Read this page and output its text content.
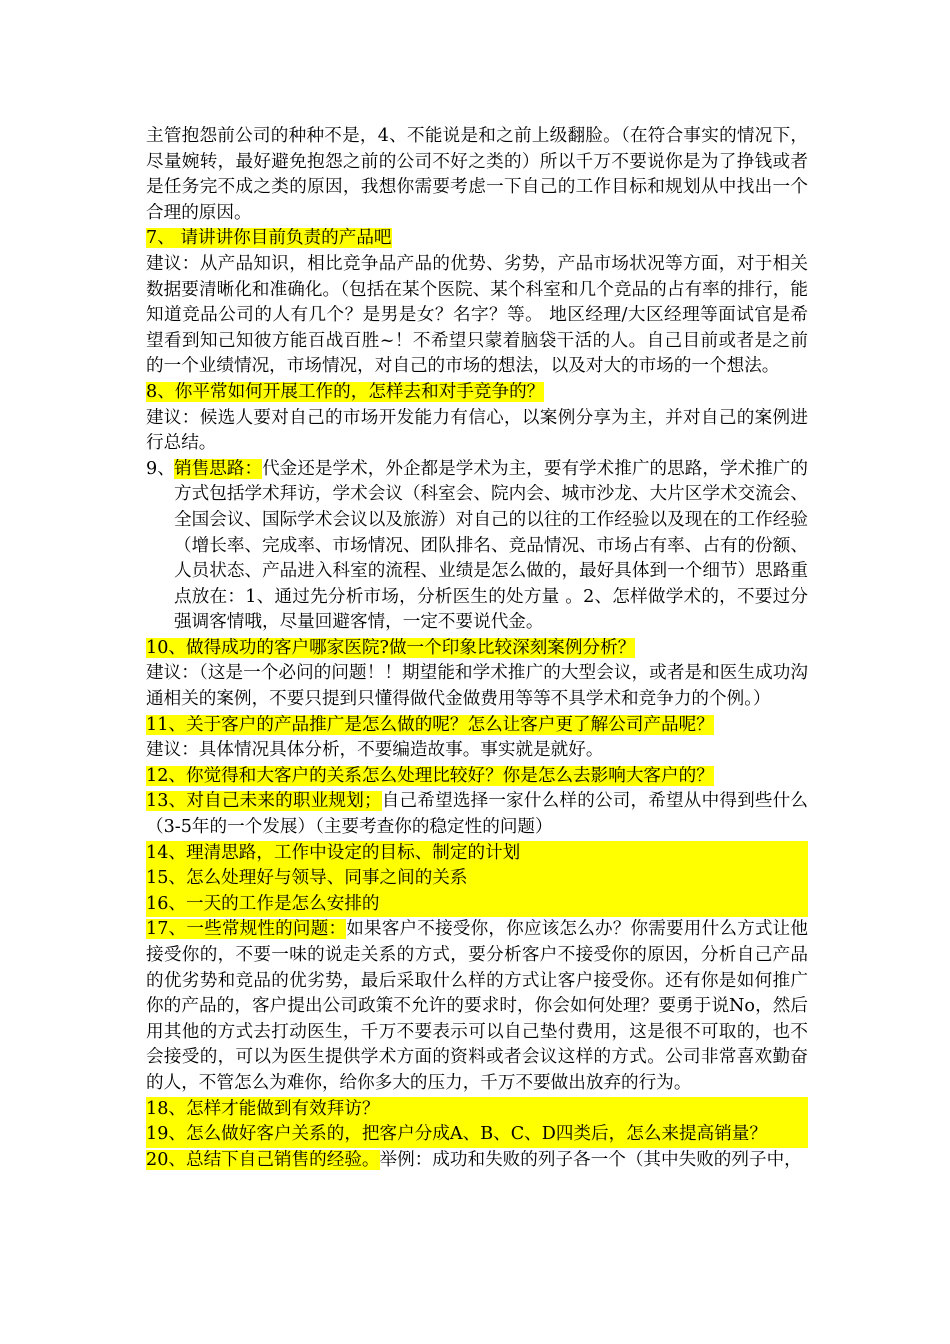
主管抱怨前公司的种种不是，4、不能说是和之前上级翻脸。（在符合事实的情况下，尽量婉转，最好避免抱怨之前的公司不好之类的）所以千万不要说你是为了挣钱或者是任务完不成之类的原因，我想你需要考虑一下自己的工作目标和规划从中找出一个合理的原因。

7、 请讲讲你目前负责的产品吧

建议：从产品知识，相比竞争品产品的优势、劣势，产品市场状况等方面，对于相关数据要清晰化和准确化。（包括在某个医院、某个科室和几个竞品的占有率的排行，能知道竞品公司的人有几个？是男是女？名字？等。 地区经理/大区经理等面试官是希望看到知己知彼方能百战百胜~！不希望只蒙着脑袋干活的人。自己目前或者是之前的一个业绩情况，市场情况，对自己的市场的想法，以及对大的市场的一个想法。

8、你平常如何开展工作的，怎样去和对手竞争的？

建议：候选人要对自己的市场开发能力有信心，以案例分享为主，并对自己的案例进行总结。

9、 销售思路：代金还是学术，外企都是学术为主，要有学术推广的思路，学术推广的方式包括学术拜访，学术会议（科室会、院内会、城市沙龙、大片区学术交流会、全国会议、国际学术会议以及旅游）对自己的以往的工作经验以及现在的工作经验（增长率、完成率、市场情况、团队排名、竞品情况、市场占有率、占有的份额、人员状态、产品进入科室的流程、业绩是怎么做的，最好具体到一个细节）思路重点放在：1、通过先分析市场，分析医生的处方量 。2、怎样做学术的，不要过分强调客情哦，尽量回避客情，一定不要说代金。

10、做得成功的客户哪家医院?做一个印象比较深刻案例分析？

建议：（这是一个必问的问题！！期望能和学术推广的大型会议，或者是和医生成功沟通相关的案例，不要只提到只懂得做代金做费用等等不具学术和竞争力的个例。）

11、关于客户的产品推广是怎么做的呢？怎么让客户更了解公司产品呢？

建议：具体情况具体分析，不要编造故事。事实就是就好。

12、你觉得和大客户的关系怎么处理比较好？你是怎么去影响大客户的？

13、对自己未来的职业规划；自己希望选择一家什么样的公司，希望从中得到些什么（3-5年的一个发展）（主要考查你的稳定性的问题）

14、理清思路，工作中设定的目标、制定的计划

15、怎么处理好与领导、同事之间的关系

16、一天的工作是怎么安排的

17、一些常规性的问题：如果客户不接受你，你应该怎么办？你需要用什么方式让他接受你的，不要一味的说走关系的方式，要分析客户不接受你的原因，分析自己产品的优劣势和竞品的优劣势，最后采取什么样的方式让客户接受你。还有你是如何推广你的产品的，客户提出公司政策不允许的要求时，你会如何处理？要勇于说No，然后用其他的方式去打动医生，千万不要表示可以自己垫付费用，这是很不可取的，也不会接受的，可以为医生提供学术方面的资料或者会议这样的方式。公司非常喜欢勤奋的人，不管怎么为难你，给你多大的压力，千万不要做出放弃的行为。

18、怎样才能做到有效拜访？

19、怎么做好客户关系的，把客户分成A、B、C、D四类后，怎么来提高销量？

20、总结下自己销售的经验。举例：成功和失败的列子各一个（其中失败的列子中，
